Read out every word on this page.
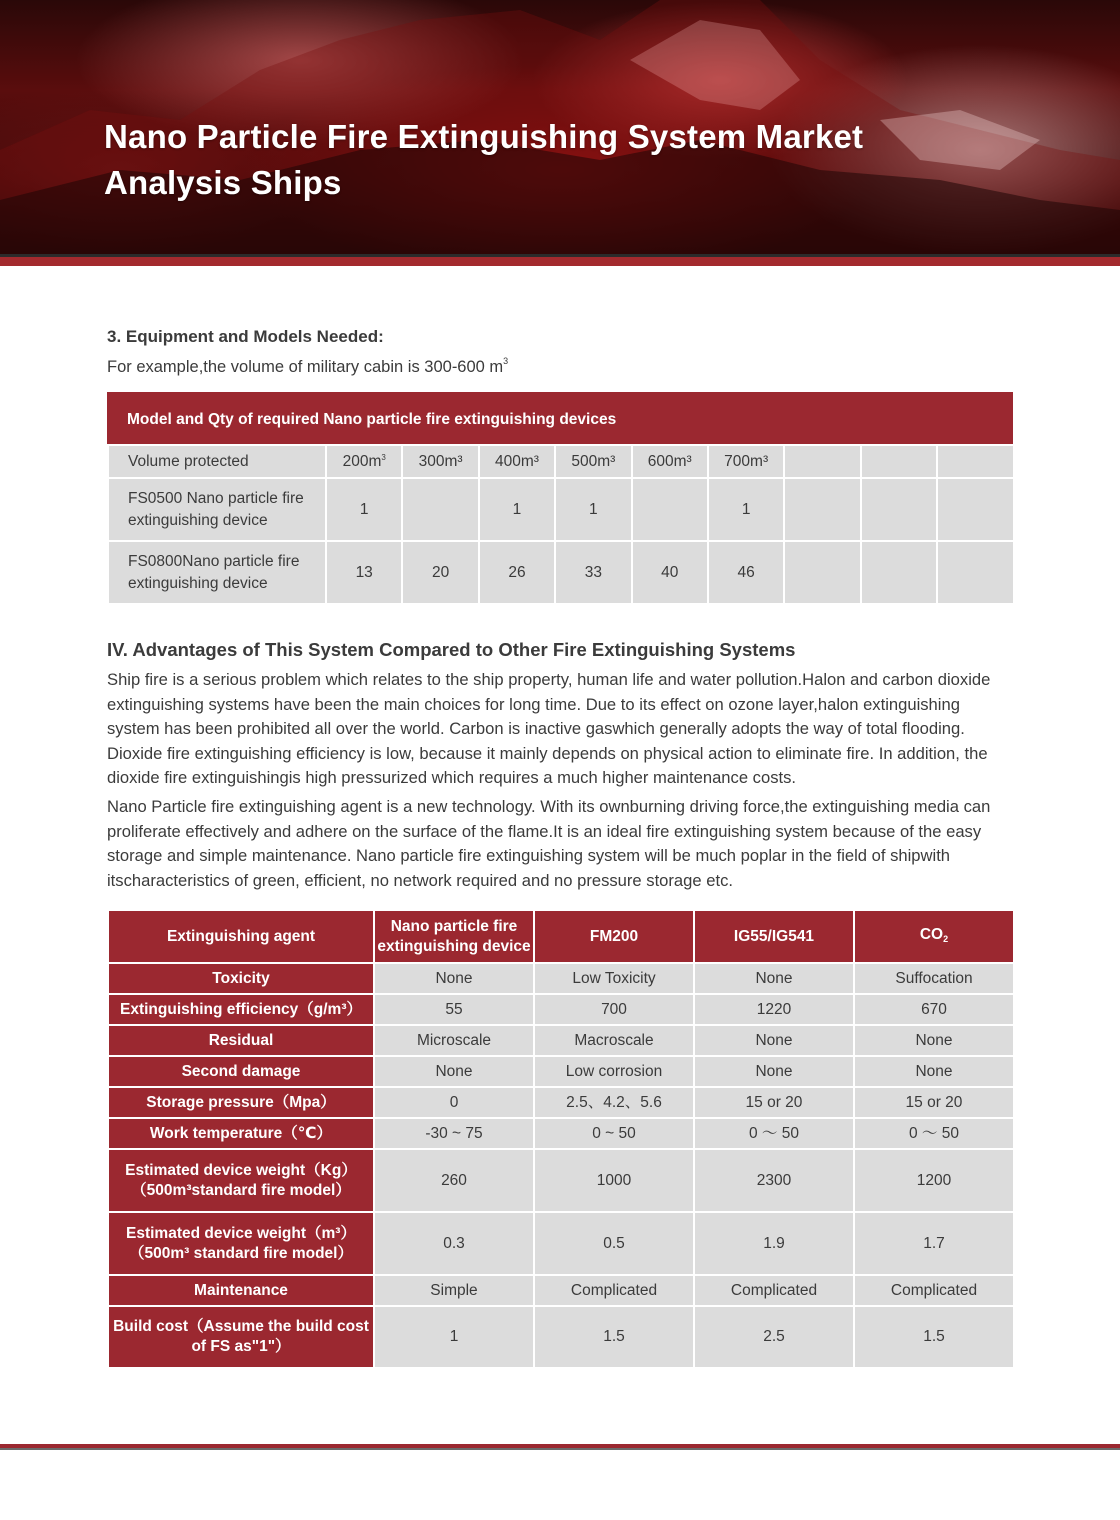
Nano Particle Fire Extinguishing System Market
Analysis Ships
3. Equipment and Models Needed:

For example,the volume of military cabin is 300-600 $m^3$

Model and Qty of required Nano particle fire extinguishing devices
Volume protected	$200m^3$	300m³	400m³	500m³	600m³	700m³			
FS0500 Nano particle fire
extinguishing device	1		1	1		1			
FS0800Nano particle fire
extinguishing device	13	20	26	33	40	46			
IV. Advantages of This System Compared to Other Fire Extinguishing Systems

Ship fire is a serious problem which relates to the ship property, human life and water pollution.Halon and carbon dioxide extinguishing systems have been the main choices for long time. Due to its effect on ozone layer,halon extinguishing system has been prohibited all over the world. Carbon is inactive gaswhich generally adopts the way of total flooding. Dioxide fire extinguishing efficiency is low, because it mainly depends on physical action to eliminate fire. In addition, the dioxide fire extinguishingis high pressurized which requires a much higher maintenance costs.

Nano Particle fire extinguishing agent is a new technology. With its ownburning driving force,the extinguishing media can proliferate effectively and adhere on the surface of the flame.It is an ideal fire extinguishing system because of the easy storage and simple maintenance. Nano particle fire extinguishing system will be much poplar in the field of shipwith itscharacteristics of green, efficient, no network required and no pressure storage etc.

Extinguishing agent	Nano particle fire
extinguishing device	FM200	IG55/IG541	$CO_2$
Toxicity	None	Low Toxicity	None	Suffocation
Extinguishing efficiency（g/m³）	55	700	1220	670
Residual	Microscale	Macroscale	None	None
Second damage	None	Low corrosion	None	None
Storage pressure（Mpa）	0	2.5、4.2、5.6	15 or 20	15 or 20
Work temperature（℃）	-30 ~ 75	0 ~ 50	0 ～ 50	0 ～ 50
Estimated device weight（Kg）
（500m³standard fire model）	260	1000	2300	1200
Estimated device weight（m³）
（500m³ standard fire model）	0.3	0.5	1.9	1.7
Maintenance	Simple	Complicated	Complicated	Complicated
Build cost（Assume the build cost
of FS as"1"）	1	1.5	2.5	1.5
